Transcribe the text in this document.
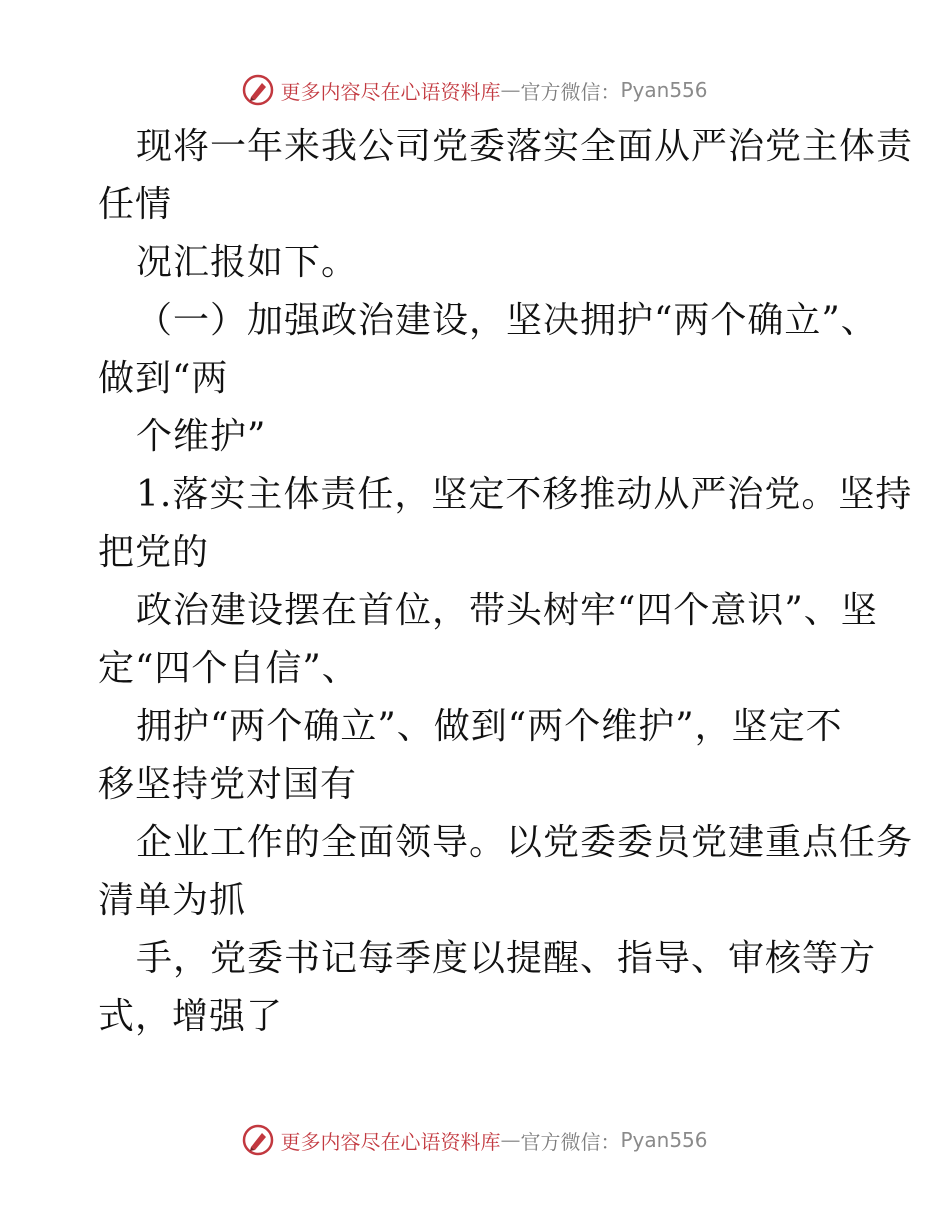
更多内容尽在心语资料库 — 官方微信： Pyan556
现将一年来我公司党委落实全面从严治党主体责
任情
况汇报如下。
（一）加强政治建设，坚决拥护“两个确立”、
做到“两
个维护”
1.落实主体责任，坚定不移推动从严治党。坚持
把党的
政治建设摆在首位，带头树牢“四个意识”、坚
定“四个自信”、
拥护“两个确立”、做到“两个维护”，坚定不
移坚持党对国有
企业工作的全面领导。以党委委员党建重点任务
清单为抓
手，党委书记每季度以提醒、指导、审核等方
式，增强了
更多内容尽在心语资料库 — 官方微信： Pyan556
